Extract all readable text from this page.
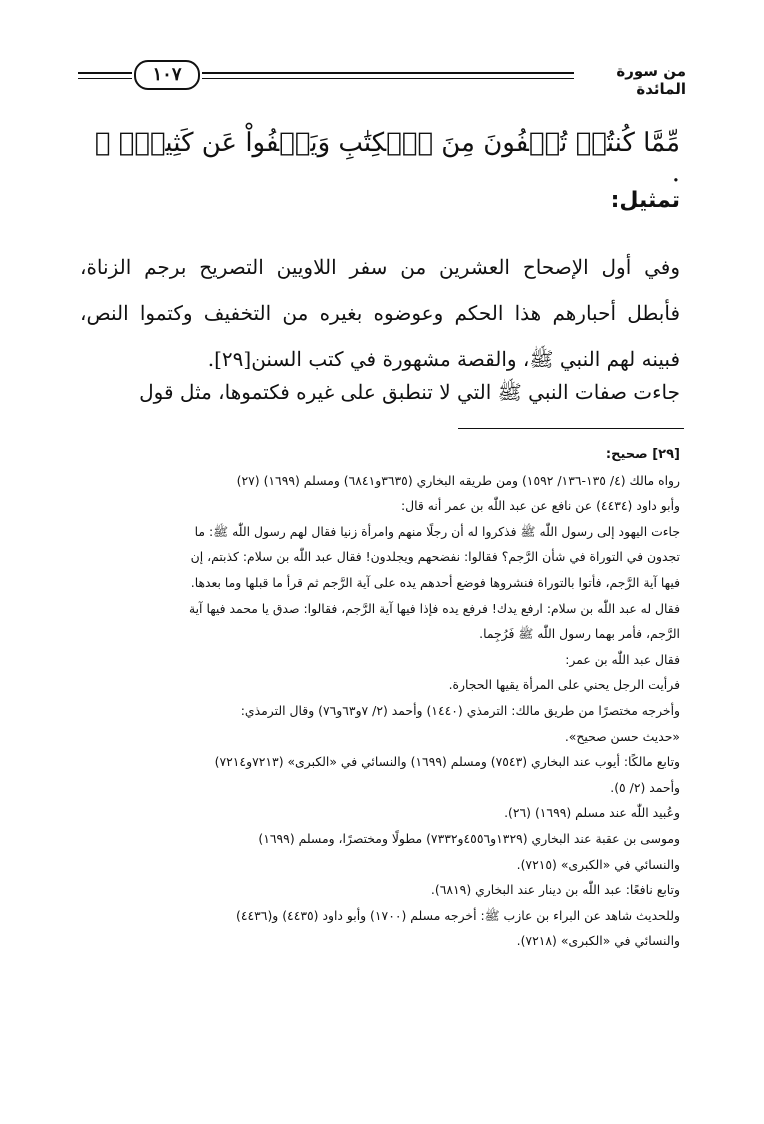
١٠٧	من سورة المائدة
مِّمَّا كُنتُمۡ تُخۡفُونَ مِنَ ٱلۡكِتَٰبِ وَيَعۡفُواْ عَن كَثِيرٖۚ ﴾ .
تمثيل:
وفي أول الإصحاح العشرين من سفر اللاويين التصريح برجم الزناة، فأبطل أحبارهم هذا الحكم وعوضوه بغيره من التخفيف وكتموا النص، فبينه لهم النبي ﷺ، والقصة مشهورة في كتب السنن[٢٩].
جاءت صفات النبي ﷺ التي لا تنطبق على غيره فكتموها، مثل قول
[٢٩] صحيح:
رواه مالك (٤/ ١٣٥-١٣٦/ ١٥٩٢) ومن طريقه البخاري (٣٦٣٥و٦٨٤١) ومسلم (١٦٩٩) (٢٧)
وأبو داود (٤٤٣٤) عن نافع عن عبد اللّٰه بن عمر أنه قال:
جاءت اليهود إلى رسول اللّٰه ﷺ فذكروا له أن رجلًا منهم وامرأة زنيا فقال لهم رسول اللّٰه ﷺ: ما
تجدون في التوراة في شأن الرَّجم؟ فقالوا: نفضحهم ويجلدون! فقال عبد اللّٰه بن سلام: كذبتم، إن
فيها آية الرَّجم، فأتوا بالتوراة فنشروها فوضع أحدهم يده على آية الرَّجم ثم قرأ ما قبلها وما بعدها.
فقال له عبد اللّٰه بن سلام: ارفع يدك! فرفع يده فإذا فيها آية الرَّجم، فقالوا: صدق يا محمد فيها آية
الرَّجم، فأمر بهما رسول اللّٰه ﷺ فَرُجِما.
فقال عبد اللّٰه بن عمر:
فرأيت الرجل يحني على المرأة يقيها الحجارة.
وأخرجه مختصرًا من طريق مالك: الترمذي (١٤٤٠) وأحمد (٢/ ٧و٦٣و٧٦) وقال الترمذي:
«حديث حسن صحيح».
وتابع مالكًا: أيوب عند البخاري (٧٥٤٣) ومسلم (١٦٩٩) والنسائي في «الكبرى» (٧٢١٣و٧٢١٤)
وأحمد (٢/ ٥).
وعُبيد اللّٰه عند مسلم (١٦٩٩) (٢٦).
وموسى بن عقبة عند البخاري (١٣٢٩و٤٥٥٦و٧٣٣٢) مطولًا ومختصرًا، ومسلم (١٦٩٩)
والنسائي في «الكبرى» (٧٢١٥).
وتابع نافعًا: عبد اللّٰه بن دينار عند البخاري (٦٨١٩).
وللحديث شاهد عن البراء بن عازب ﷺ: أخرجه مسلم (١٧٠٠) وأبو داود (٤٤٣٥) و(٤٤٣٦)
والنسائي في «الكبرى» (٧٢١٨).
